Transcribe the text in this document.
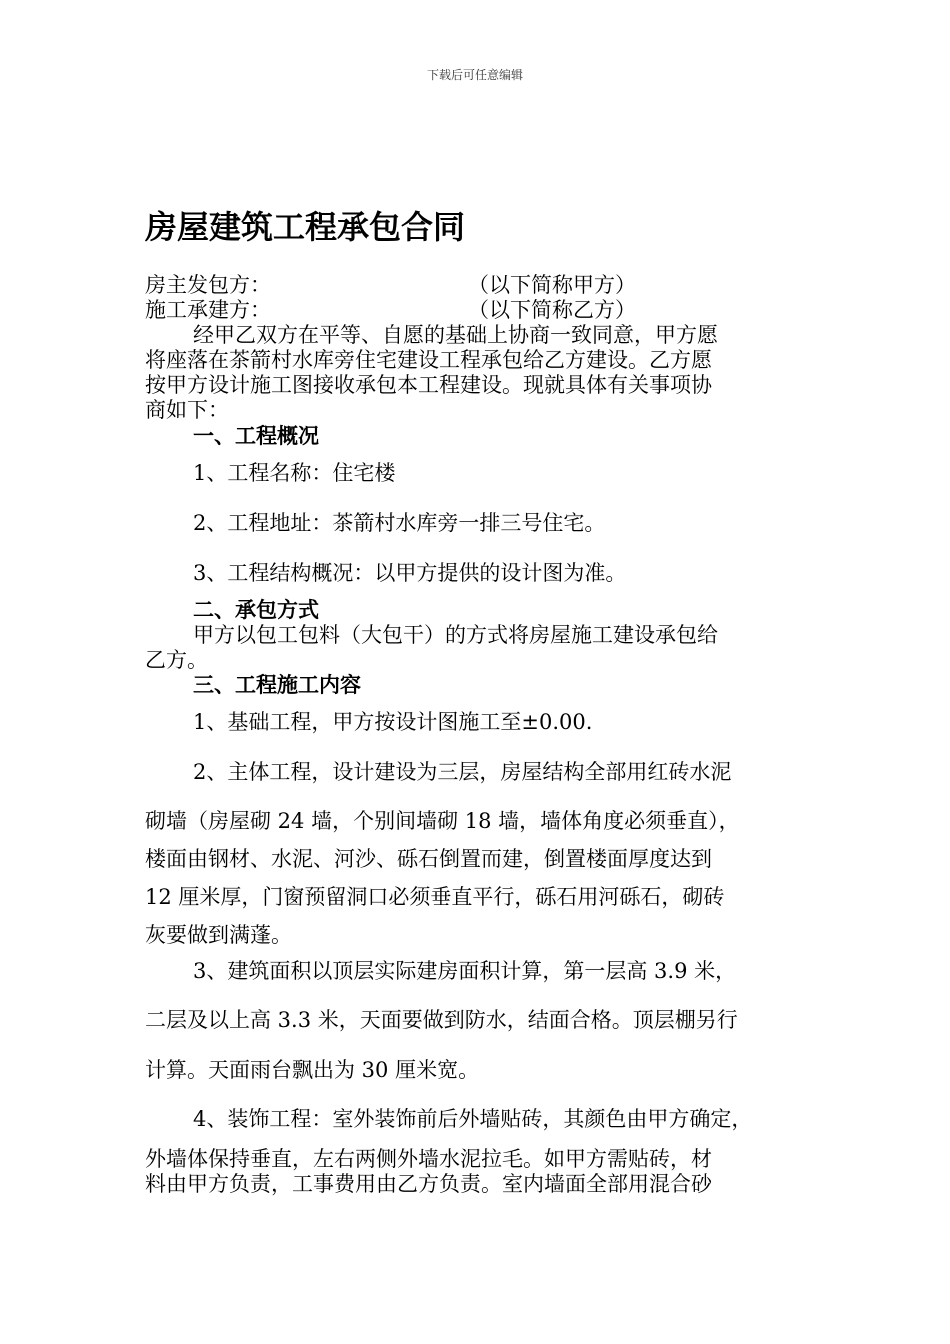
下载后可任意编辑
房屋建筑工程承包合同
房主发包方：	（以下简称甲方）
施工承建方：	（以下简称乙方）
经甲乙双方在平等、自愿的基础上协商一致同意，甲方愿
将座落在茶箭村水库旁住宅建设工程承包给乙方建设。乙方愿
按甲方设计施工图接收承包本工程建设。现就具体有关事项协
商如下：
一、工程概况
1、工程名称：住宅楼
2、工程地址：茶箭村水库旁一排三号住宅。
3、工程结构概况：以甲方提供的设计图为准。
二、承包方式
甲方以包工包料（大包干）的方式将房屋施工建设承包给
乙方。
三、工程施工内容
1、基础工程，甲方按设计图施工至±0.00.
2、主体工程，设计建设为三层，房屋结构全部用红砖水泥
砌墙（房屋砌 24 墙，个别间墙砌 18 墙，墙体角度必须垂直），
楼面由钢材、水泥、河沙、砾石倒置而建，倒置楼面厚度达到
12 厘米厚，门窗预留洞口必须垂直平行，砾石用河砾石，砌砖
灰要做到满蓬。
3、建筑面积以顶层实际建房面积计算，第一层高 3.9 米，
二层及以上高 3.3 米，天面要做到防水，结面合格。顶层棚另行
计算。天面雨台飘出为 30 厘米宽。
4、装饰工程：室外装饰前后外墙贴砖，其颜色由甲方确定，
外墙体保持垂直，左右两侧外墙水泥拉毛。如甲方需贴砖，材
料由甲方负责，工事费用由乙方负责。室内墙面全部用混合砂
